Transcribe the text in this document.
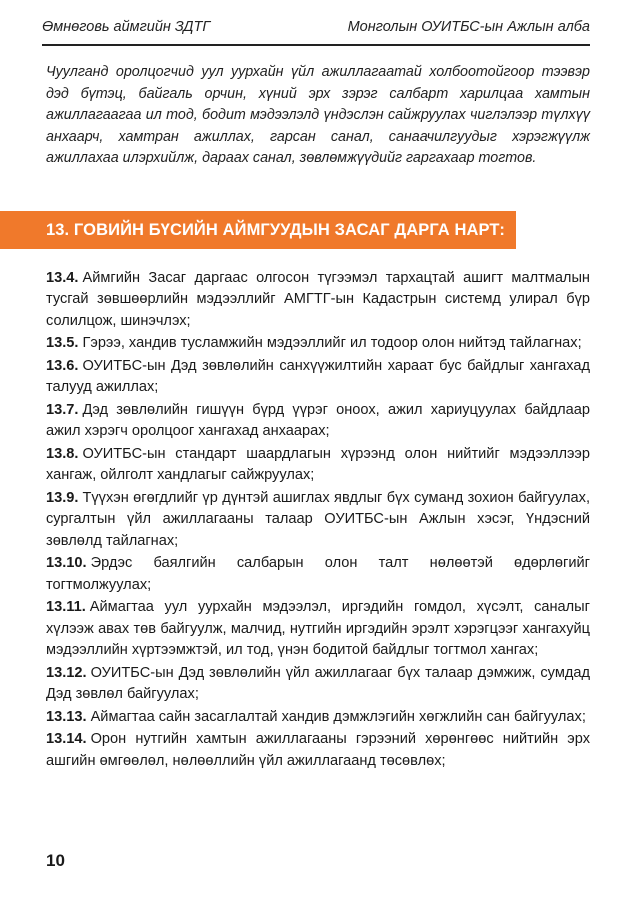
Өмнөговь аймгийн ЗДТГ	Монголын ОУИТБС-ын Ажлын алба

Чуулганд оролцогчид уул уурхайн үйл ажиллагаатай холбоотойгоор тээвэр дэд бүтэц, байгаль орчин, хүний эрх зэрэг салбарт харилцаа хамтын ажиллагаагаа ил тод, бодит мэдээлэлд үндэслэн сайжруулах чиглэлээр түлхүү анхаарч, хамтран ажиллах, гарсан санал, санаачилгуудыг хэрэгжүүлж ажиллахаа илэрхийлж, дараах санал, зөвлөмжүүдийг гаргахаар тогтов.

13. ГОВИЙН БҮСИЙН АЙМГУУДЫН ЗАСАГ ДАРГА НАРТ:

13.4. Аймгийн Засаг даргаас олгосон түгээмэл тархацтай ашигт малтмалын тусгай зөвшөөрлийн мэдээллийг АМГТГ-ын Кадастрын системд улирал бүр солилцож, шинэчлэх;

13.5. Гэрээ, хандив тусламжийн мэдээллийг ил тодоор олон нийтэд тайлагнах;

13.6. ОУИТБС-ын Дэд зөвлөлийн санхүүжилтийн хараат бус байдлыг хангахад талууд ажиллах;

13.7. Дэд зөвлөлийн гишүүн бүрд үүрэг оноох, ажил хариуцуулах байдлаар ажил хэрэгч оролцоог хангахад анхаарах;

13.8. ОУИТБС-ын стандарт шаардлагын хүрээнд олон нийтийг мэдээллээр хангаж, ойлголт хандлагыг сайжруулах;

13.9. Түүхэн өгөгдлийг үр дүнтэй ашиглах явдлыг бүх суманд зохион байгуулах, сургалтын үйл ажиллагааны талаар ОУИТБС-ын Ажлын хэсэг, Үндэсний зөвлөлд тайлагнах;

13.10. Эрдэс баялгийн салбарын олон талт нөлөөтэй өдөрлөгийг тогтмолжуулах;

13.11. Аймагтаа уул уурхайн мэдээлэл, иргэдийн гомдол, хүсэлт, саналыг хүлээж авах төв байгуулж, малчид, нутгийн иргэдийн эрэлт хэрэгцээг хангахуйц мэдээллийн хүртээмжтэй, ил тод, үнэн бодитой байдлыг тогтмол хангах;

13.12. ОУИТБС-ын Дэд зөвлөлийн үйл ажиллагааг бүх талаар дэмжиж, сумдад Дэд зөвлөл байгуулах;

13.13. Аймагтаа сайн засаглалтай хандив дэмжлэгийн хөгжлийн сан байгуулах;

13.14. Орон нутгийн хамтын ажиллагааны гэрээний хөрөнгөөс нийтийн эрх ашгийн өмгөөлөл, нөлөөллийн үйл ажиллагаанд төсөвлөх;

10
